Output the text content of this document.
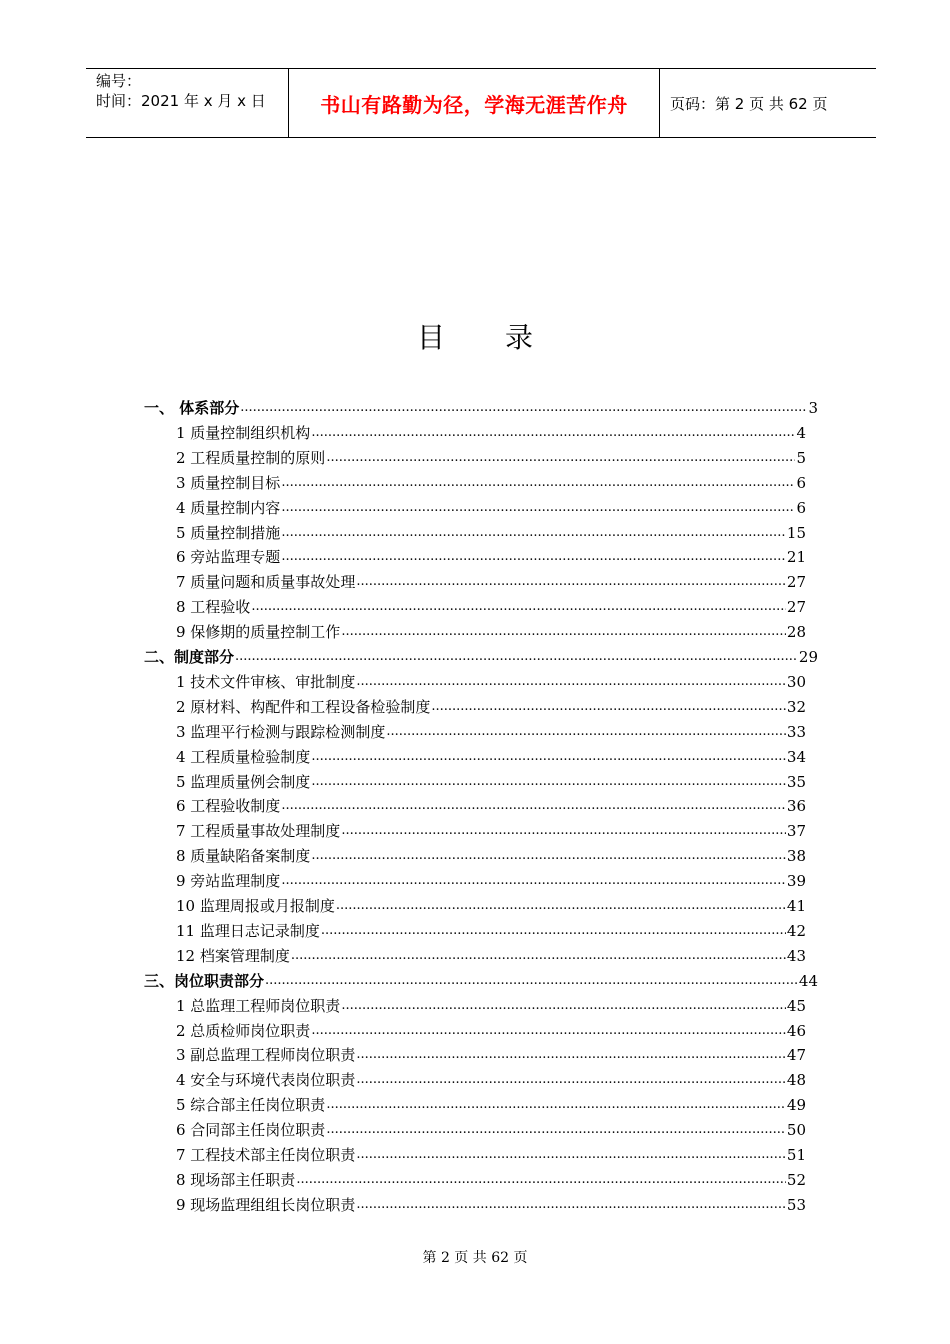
编号：
时间：2021 年 x 月 x 日	书山有路勤为径，学海无涯苦作舟	页码：第 2 页 共 62 页
目 录
一、 体系部分 .....	3
1 质量控制组织机构 .....	4
2 工程质量控制的原则 .....	5
3 质量控制目标 .....	6
4 质量控制内容 .....	6
5 质量控制措施 .....	15
6 旁站监理专题 .....	21
7 质量问题和质量事故处理 .....	27
8 工程验收 .....	27
9 保修期的质量控制工作 .....	28
二、制度部分 .....	29
1 技术文件审核、审批制度 .....	30
2 原材料、构配件和工程设备检验制度 .....	32
3 监理平行检测与跟踪检测制度 .....	33
4 工程质量检验制度 .....	34
5 监理质量例会制度 .....	35
6 工程验收制度 .....	36
7 工程质量事故处理制度 .....	37
8 质量缺陷备案制度 .....	38
9 旁站监理制度 .....	39
10 监理周报或月报制度 .....	41
11 监理日志记录制度 .....	42
12 档案管理制度 .....	43
三、岗位职责部分 .....	44
1 总监理工程师岗位职责 .....	45
2 总质检师岗位职责 .....	46
3 副总监理工程师岗位职责 .....	47
4 安全与环境代表岗位职责 .....	48
5 综合部主任岗位职责 .....	49
6 合同部主任岗位职责 .....	50
7 工程技术部主任岗位职责 .....	51
8 现场部主任职责 .....	52
9 现场监理组组长岗位职责 .....	53
第 2 页 共 62 页
